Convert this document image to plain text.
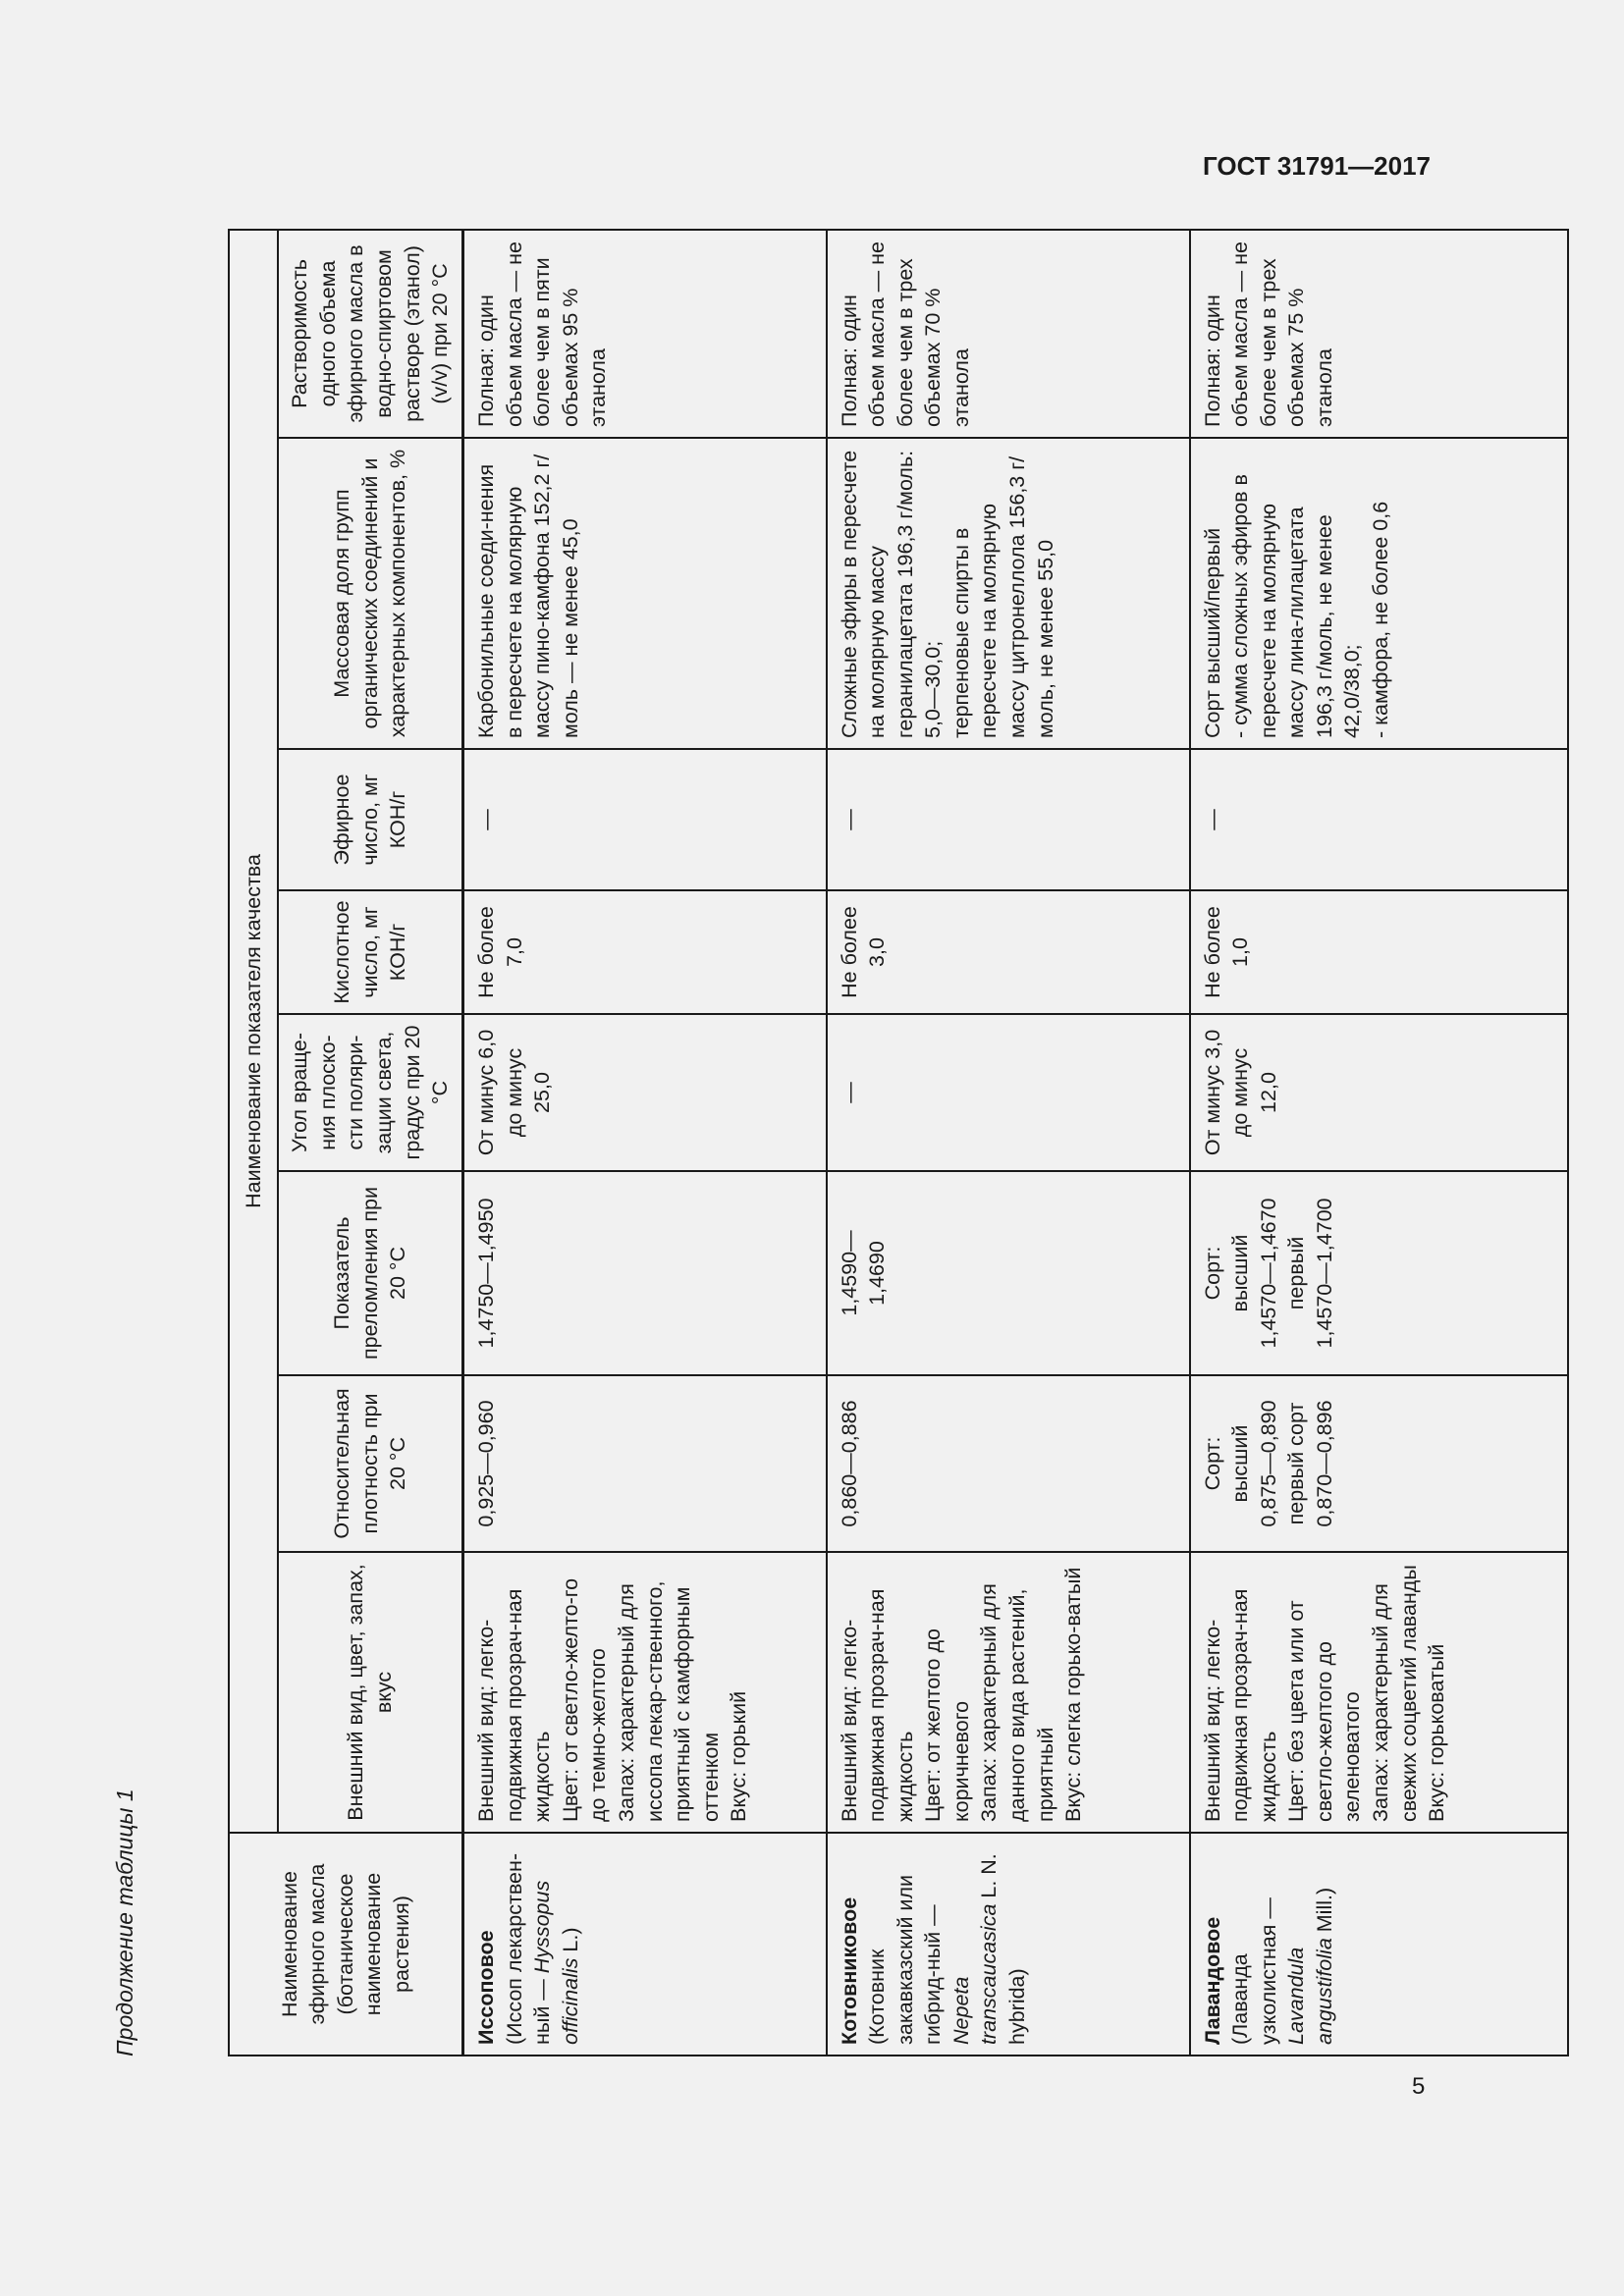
ГОСТ 31791—2017
Продолжение таблицы 1	Наименование эфирного масла (ботаническое наименование растения)	Наименование показателя качества							
	Внешний вид, цвет, запах, вкус	Относительная плотность при 20 °С	Показатель преломления при 20 °С	Угол враще-ния плоско-сти поляри-зации света, градус при 20 °С	Кислотное число, мг КОН/г	Эфирное число, мг КОН/г	Массовая доля групп органических соединений и характерных компонентов, %	Растворимость одного объема эфирного масла в водно-спиртовом растворе (этанол) (v/v) при 20 °С

Иссоповое (Иссоп лекарствен-ный — Hyssopus officinalis L.)	Внешний вид: легко-подвижная прозрач-ная жидкость Цвет: от светло-желто-го до темно-желтого Запах: характерный для иссопа лекар-ственного, приятный с камфорным оттенком Вкус: горький	0,925—0,960	1,4750—1,4950	От минус 6,0 до минус 25,0	Не более 7,0	—	Карбонильные соеди-нения в пересчете на молярную массу пино-камфона 152,2 г/моль — не менее 45,0	Полная: один объем масла — не более чем в пяти объемах 95 % этанола

Котовниковое (Котовник закавказский или гибрид-ный — Nepeta transcaucasica L. N. hybrida)	Внешний вид: легко-подвижная прозрач-ная жидкость Цвет: от желтого до коричневого Запах: характерный для данного вида растений, приятный Вкус: слегка горько-ватый	0,860—0,886	1,4590— 1,4690	—	Не более 3,0	—	Сложные эфиры в пересчете на молярную массу геранилацетата 196,3 г/моль: 5,0—30,0; терпеновые спирты в пересчете на молярную массу цитронеллола 156,3 г/моль, не менее 55,0	Полная: один объем масла — не более чем в трех объемах 70 % этанола

Лавандовое (Лаванда узколистная — Lavandula angustifolia Mill.)	Внешний вид: легко-подвижная прозрач-ная жидкость Цвет: без цвета или от светло-желтого до зеленоватого Запах: характерный для свежих соцветий лаванды Вкус: горьковатый	Сорт: высший 0,875—0,890 первый сорт 0,870—0,896	Сорт: высший 1,4570—1,4670 первый 1,4570—1,4700	От минус 3,0 до минус 12,0	Не более 1,0	—	Сорт высший/первый - сумма сложных эфиров в пересчете на молярную массу лина-лилацетата 196,3 г/моль, не менее 42,0/38,0; - камфора, не более 0,6	Полная: один объем масла — не более чем в трех объемах 75 % этанола
5
